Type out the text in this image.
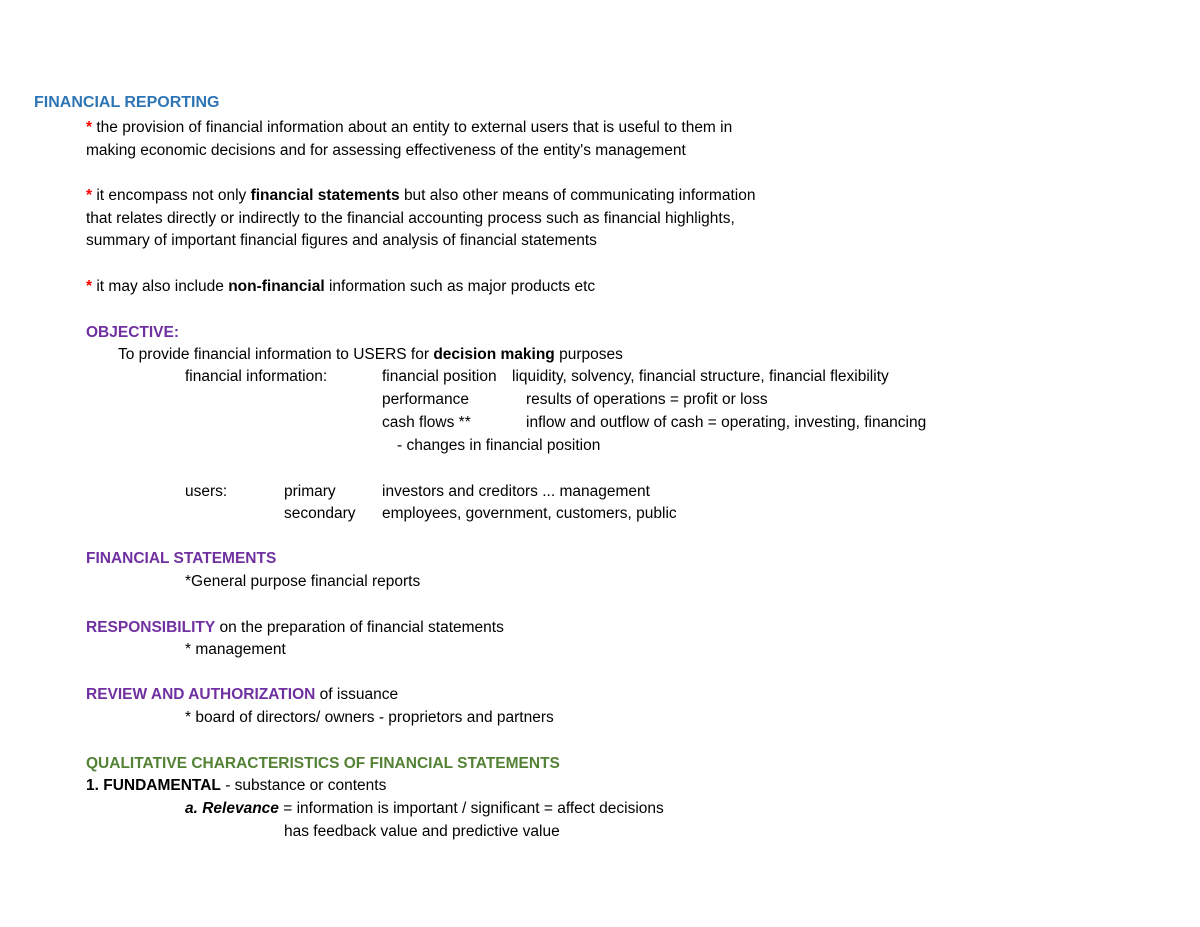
FINANCIAL REPORTING
* the provision of financial information about an entity to external users that is useful to them in
making economic decisions and for assessing effectiveness of the entity's management
* it encompass not only financial statements but also other means of communicating information
that relates directly or indirectly to the financial accounting process such as financial highlights,
summary of important financial figures and analysis of financial statements
* it may also include non-financial information such as major products etc
OBJECTIVE:
To provide financial information to USERS for decision making purposes
financial information:	financial position liquidity, solvency, financial structure, financial flexibility
performance	results of operations = profit or loss
cash flows **	inflow and outflow of cash = operating, investing, financing
- changes in financial position
users:	primary	investors and creditors ... management
secondary employees, government, customers, public
FINANCIAL STATEMENTS
*General purpose financial reports
RESPONSIBILITY on the preparation of financial statements
* management
REVIEW AND AUTHORIZATION of issuance
* board of directors/ owners - proprietors and partners
QUALITATIVE CHARACTERISTICS OF FINANCIAL STATEMENTS
1. FUNDAMENTAL - substance or contents
a. Relevance = information is important / significant = affect decisions
has feedback value and predictive value
